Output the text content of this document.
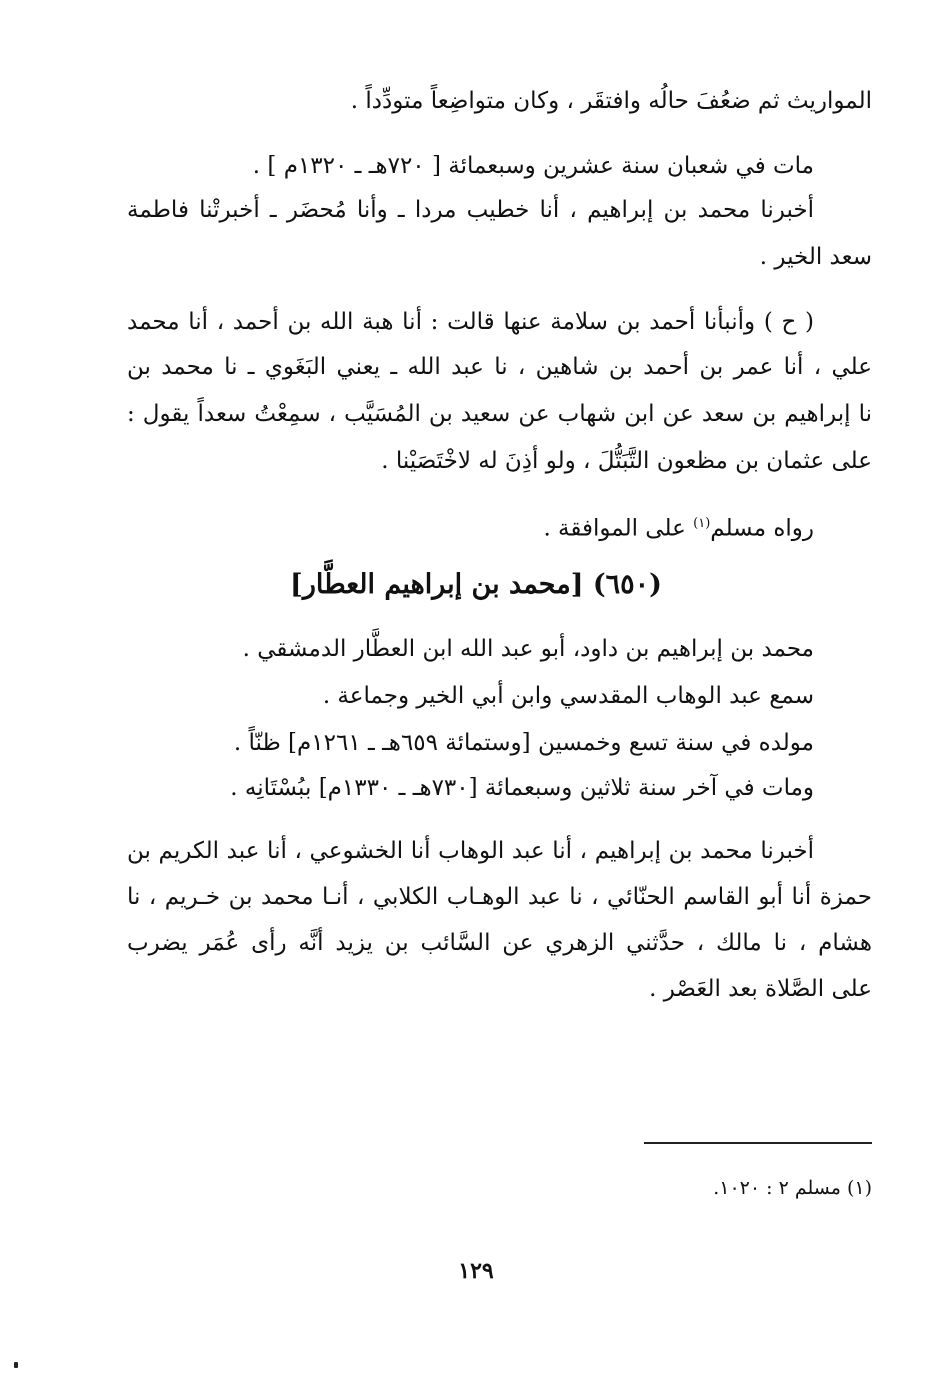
المواريث ثم ضعُفَ حالُه وافتقَر ، وكان متواضِعاً متودِّداً .
مات في شعبان سنة عشرين وسبعمائة [ ٧٢٠هـ ـ ١٣٢٠م ] .
أخبرنا محمد بن إبراهيم ، أنا خطيب مردا ـ وأنا مُحضَر ـ أخبرتْنا فاطمة
سعد الخير .
( ح ) وأنبأنا أحمد بن سلامة عنها قالت : أنا هبة الله بن أحمد ، أنا محمد
علي ، أنا عمر بن أحمد بن شاهين ، نا عبد الله ـ يعني البَغَوي ـ نا محمد بن
نا إبراهيم بن سعد عن ابن شهاب عن سعيد بن المُسَيَّب ، سمِعْتُ سعداً يقول :
على عثمان بن مظعون التَّبَتُّلَ ، ولو أذِنَ له لاخْتَصَيْنا .
رواه مسلم$^{(١)}$ على الموافقة .
(٦٥٠) [محمد بن إبراهيم العطَّار]
محمد بن إبراهيم بن داود، أبو عبد الله ابن العطَّار الدمشقي .
سمع عبد الوهاب المقدسي وابن أبي الخير وجماعة .
مولده في سنة تسع وخمسين [وستمائة ٦٥٩هـ ـ ١٢٦١م] ظنّاً .
ومات في آخر سنة ثلاثين وسبعمائة [٧٣٠هـ ـ ١٣٣٠م] ببُسْتَانِه .
أخبرنا محمد بن إبراهيم ، أنا عبد الوهاب أنا الخشوعي ، أنا عبد الكريم بن
حمزة أنا أبو القاسم الحنّائي ، نا عبد الوهـاب الكلابي ، أنـا محمد بن خـريم ، نا
هشام ، نا مالك ، حدَّثني الزهري عن السَّائب بن يزيد أنَّه رأى عُمَر يضرب
على الصَّلاة بعد العَصْر .
(١) مسلم ٢ : ١٠٢٠.
١٢٩
